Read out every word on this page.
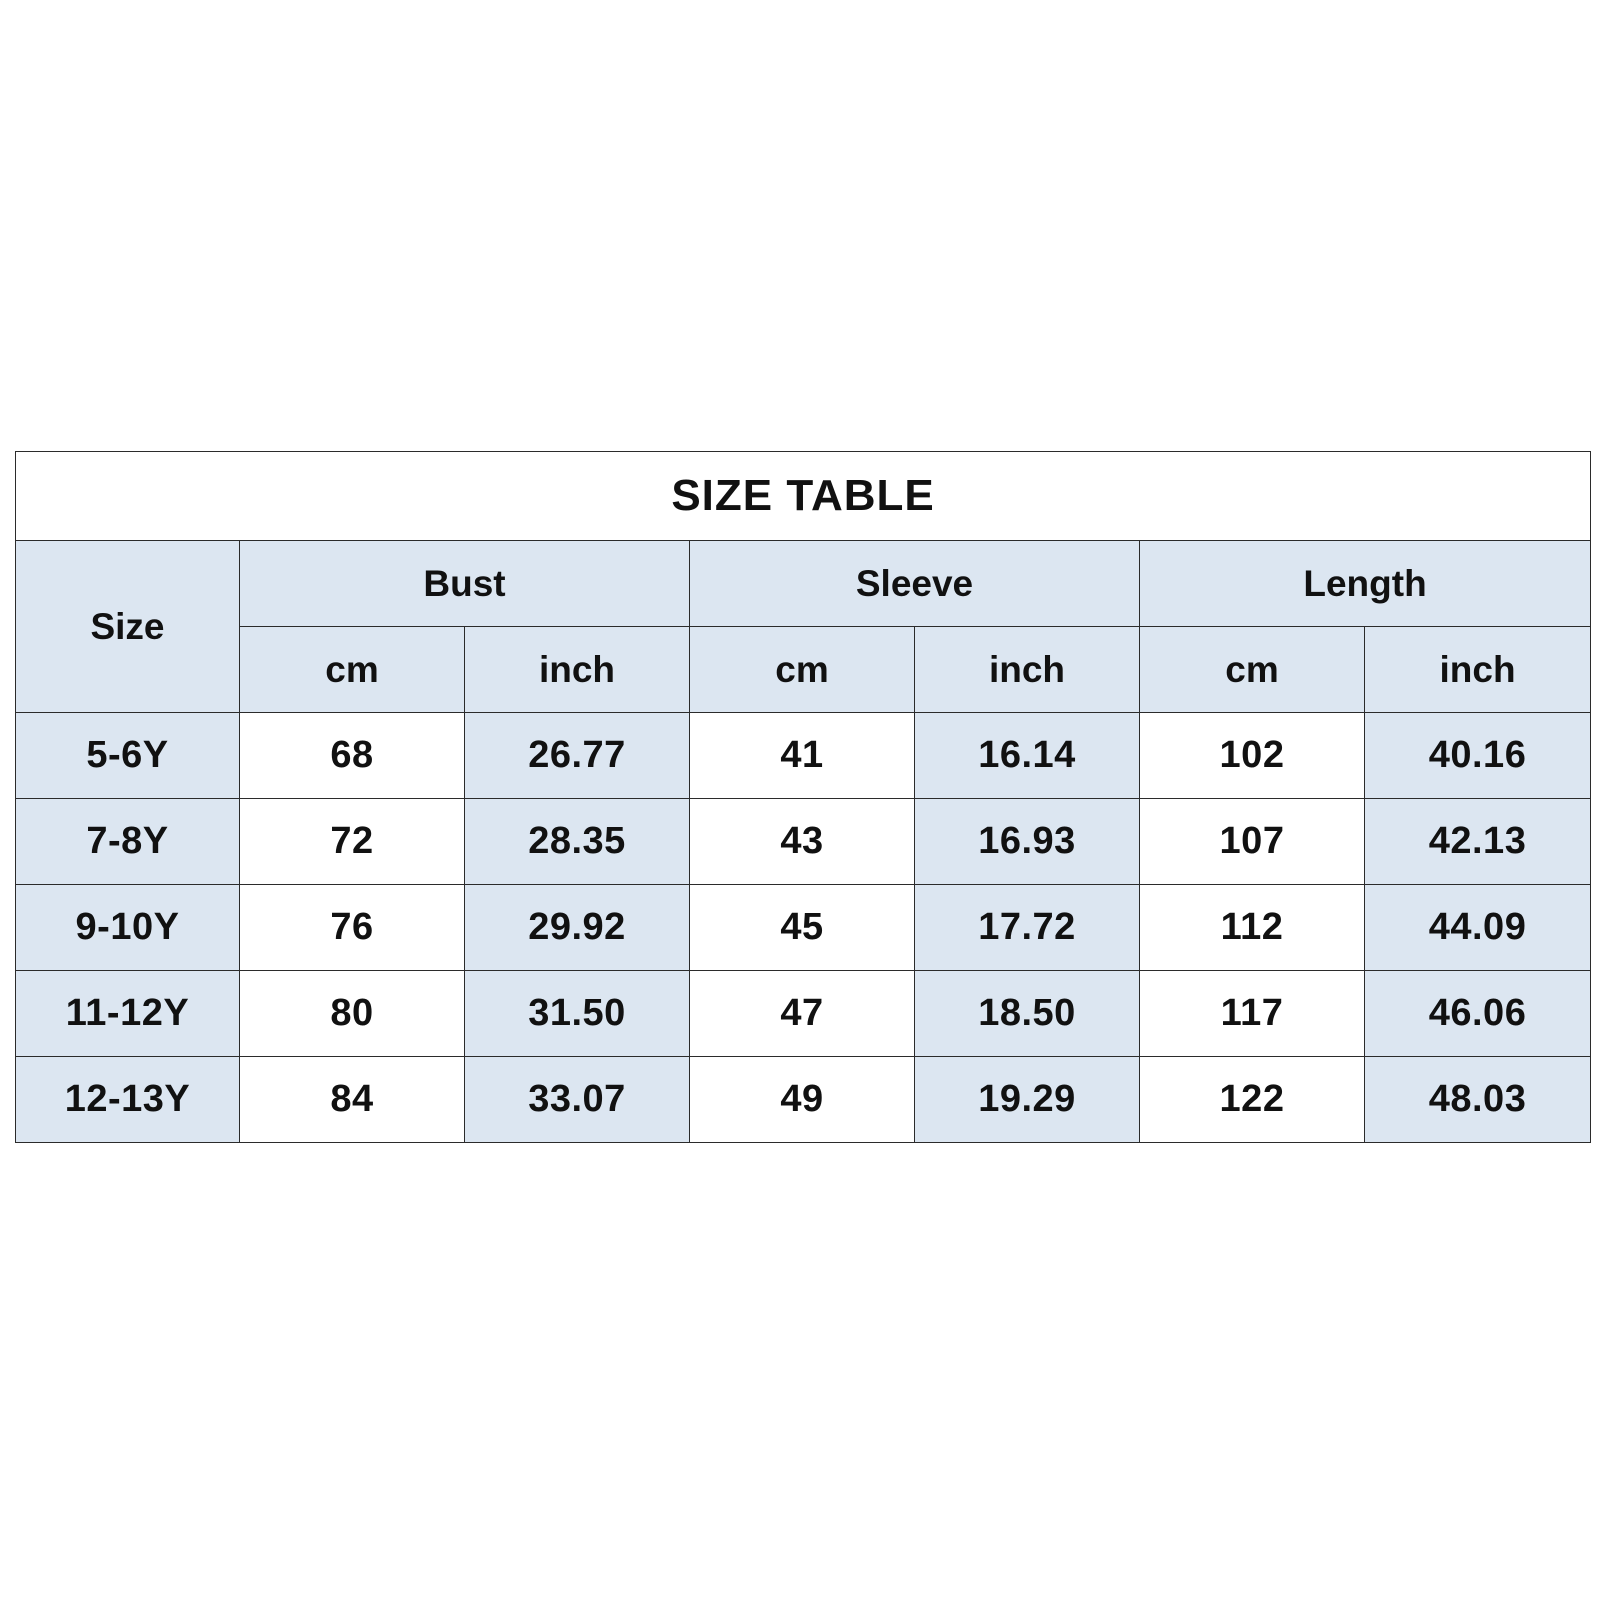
SIZE TABLE						
Size	Bust		Sleeve		Length	
	cm	inch	cm	inch	cm	inch
5-6Y	68	26.77	41	16.14	102	40.16
7-8Y	72	28.35	43	16.93	107	42.13
9-10Y	76	29.92	45	17.72	112	44.09
11-12Y	80	31.50	47	18.50	117	46.06
12-13Y	84	33.07	49	19.29	122	48.03
